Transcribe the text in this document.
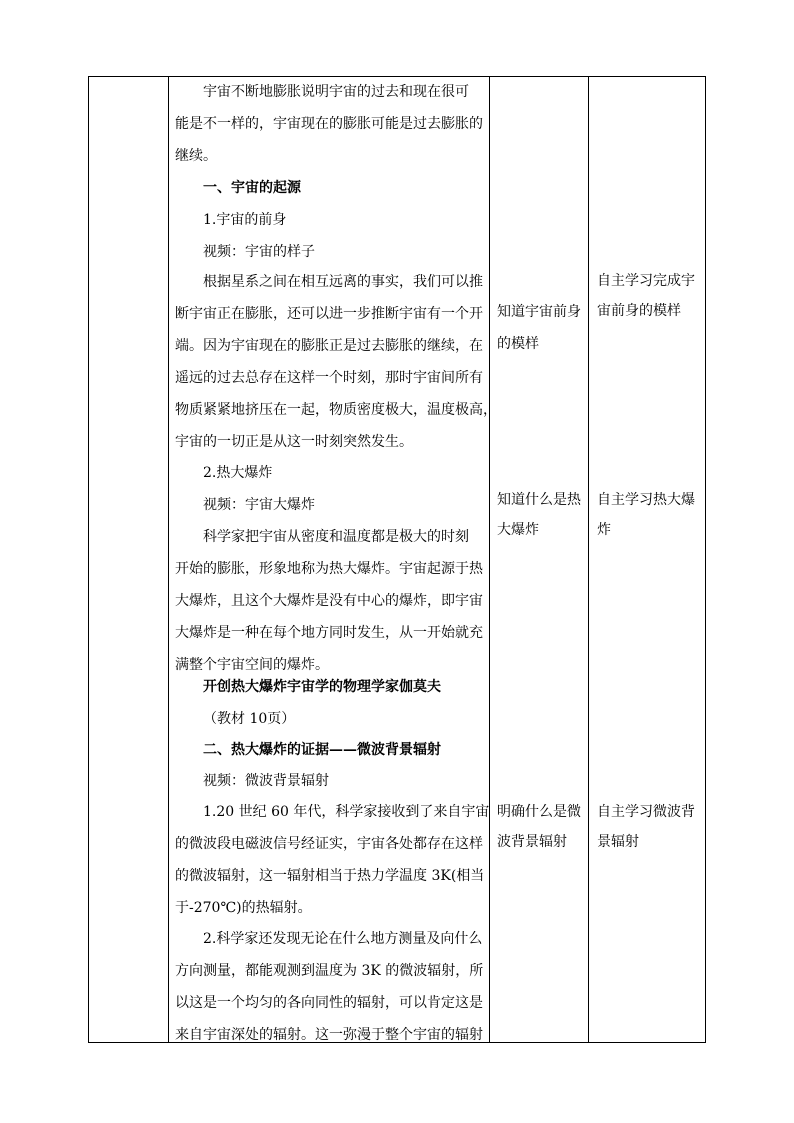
宇宙不断地膨胀说明宇宙的过去和现在很可
能是不一样的，宇宙现在的膨胀可能是过去膨胀的
继续。
一、宇宙的起源
1.宇宙的前身
视频：宇宙的样子
根据星系之间在相互远离的事实，我们可以推
断宇宙正在膨胀，还可以进一步推断宇宙有一个开
端。因为宇宙现在的膨胀正是过去膨胀的继续，在
遥远的过去总存在这样一个时刻，那时宇宙间所有
物质紧紧地挤压在一起，物质密度极大，温度极高，
宇宙的一切正是从这一时刻突然发生。
2.热大爆炸
视频：宇宙大爆炸
科学家把宇宙从密度和温度都是极大的时刻
开始的膨胀，形象地称为热大爆炸。宇宙起源于热
大爆炸，且这个大爆炸是没有中心的爆炸，即宇宙
大爆炸是一种在每个地方同时发生，从一开始就充
满整个宇宙空间的爆炸。
开创热大爆炸宇宙学的物理学家伽莫夫
（教材 10页）
二、热大爆炸的证据——微波背景辐射
视频：微波背景辐射
1.20 世纪 60 年代，科学家接收到了来自宇宙
的微波段电磁波信号经证实，宇宙各处都存在这样
的微波辐射，这一辐射相当于热力学温度 3K(相当
于-270℃)的热辐射。
2.科学家还发现无论在什么地方测量及向什么
方向测量，都能观测到温度为 3K 的微波辐射，所
以这是一个均匀的各向同性的辐射，可以肯定这是
来自宇宙深处的辐射。这一弥漫于整个宇宙的辐射
知道宇宙前身
的模样
知道什么是热
大爆炸
明确什么是微
波背景辐射
自主学习完成宇
宙前身的模样
自主学习热大爆
炸
自主学习微波背
景辐射
